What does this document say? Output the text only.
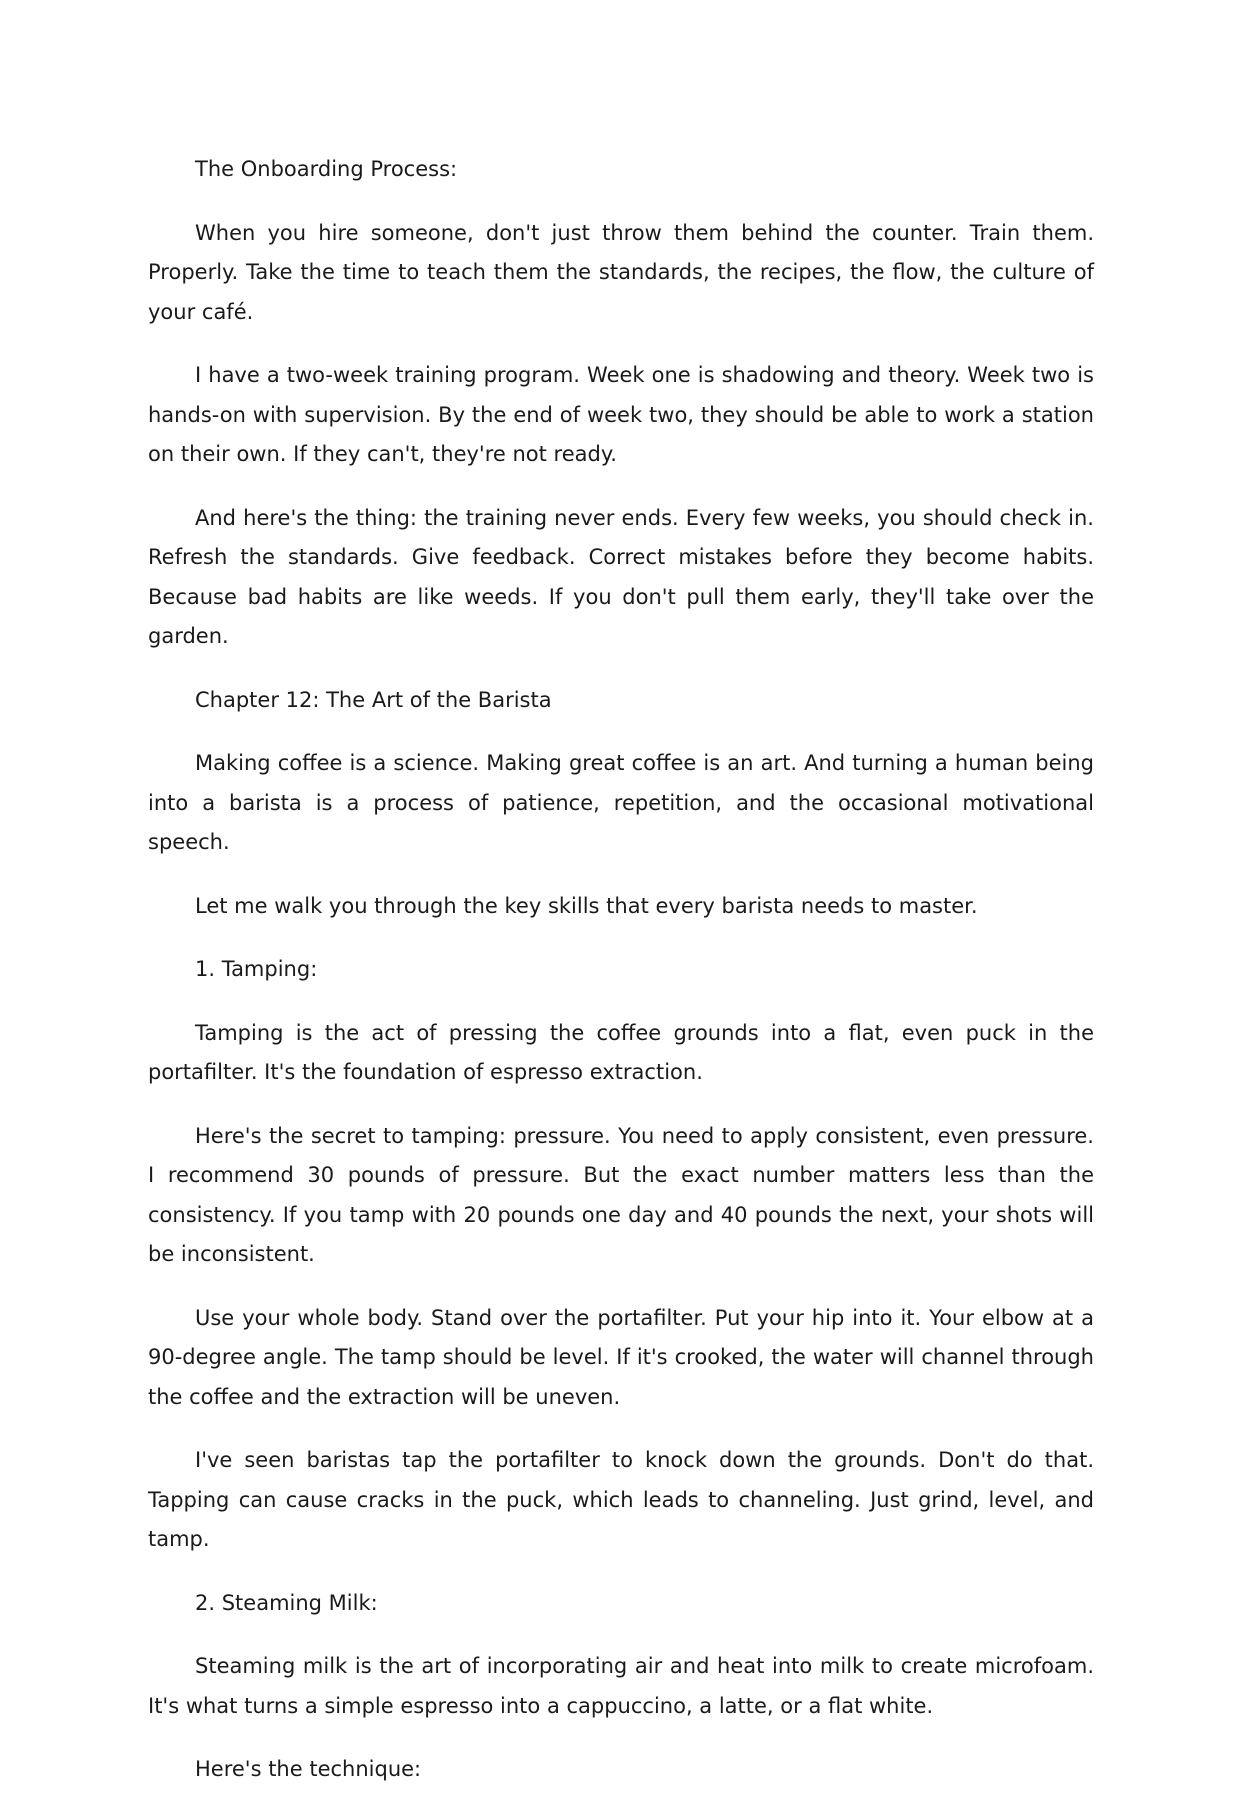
The Onboarding Process:

When you hire someone, don't just throw them behind the counter. Train them. Properly. Take the time to teach them the standards, the recipes, the flow, the culture of your café.

I have a two-week training program. Week one is shadowing and theory. Week two is hands-on with supervision. By the end of week two, they should be able to work a station on their own. If they can't, they're not ready.

And here's the thing: the training never ends. Every few weeks, you should check in. Refresh the standards. Give feedback. Correct mistakes before they become habits. Because bad habits are like weeds. If you don't pull them early, they'll take over the garden.

Chapter 12: The Art of the Barista

Making coffee is a science. Making great coffee is an art. And turning a human being into a barista is a process of patience, repetition, and the occasional motivational speech.

Let me walk you through the key skills that every barista needs to master.

1. Tamping:

Tamping is the act of pressing the coffee grounds into a flat, even puck in the portafilter. It's the foundation of espresso extraction.

Here's the secret to tamping: pressure. You need to apply consistent, even pressure. I recommend 30 pounds of pressure. But the exact number matters less than the consistency. If you tamp with 20 pounds one day and 40 pounds the next, your shots will be inconsistent.

Use your whole body. Stand over the portafilter. Put your hip into it. Your elbow at a 90-degree angle. The tamp should be level. If it's crooked, the water will channel through the coffee and the extraction will be uneven.

I've seen baristas tap the portafilter to knock down the grounds. Don't do that. Tapping can cause cracks in the puck, which leads to channeling. Just grind, level, and tamp.

2. Steaming Milk:

Steaming milk is the art of incorporating air and heat into milk to create microfoam. It's what turns a simple espresso into a cappuccino, a latte, or a flat white.

Here's the technique:
